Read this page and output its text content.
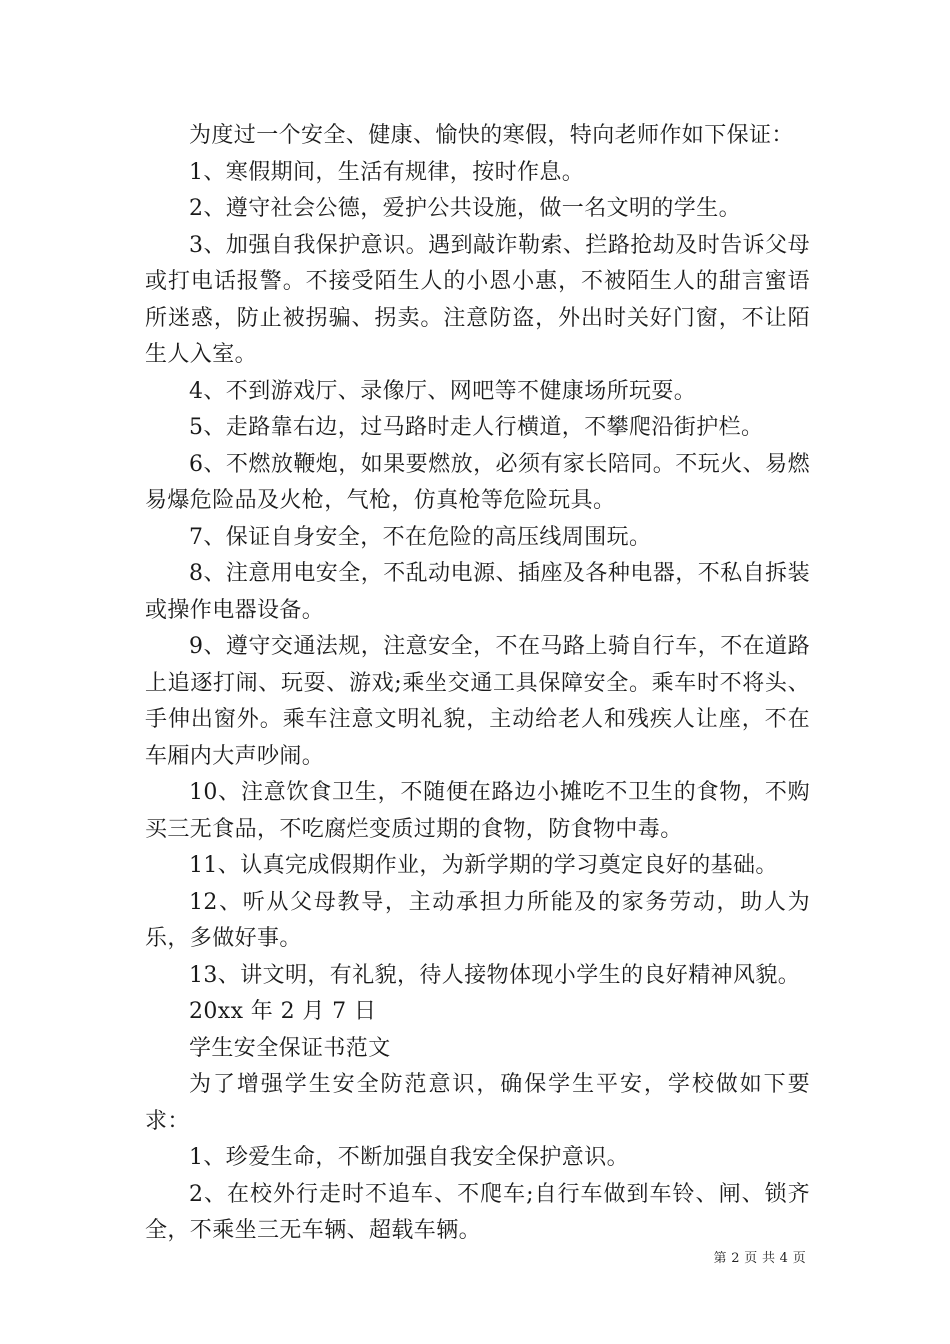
为度过一个安全、健康、愉快的寒假，特向老师作如下保证：

1、寒假期间，生活有规律，按时作息。

2、遵守社会公德，爱护公共设施，做一名文明的学生。

3、加强自我保护意识。遇到敲诈勒索、拦路抢劫及时告诉父母或打电话报警。不接受陌生人的小恩小惠，不被陌生人的甜言蜜语所迷惑，防止被拐骗、拐卖。注意防盗，外出时关好门窗，不让陌生人入室。

4、不到游戏厅、录像厅、网吧等不健康场所玩耍。

5、走路靠右边，过马路时走人行横道，不攀爬沿街护栏。

6、不燃放鞭炮，如果要燃放，必须有家长陪同。不玩火、易燃易爆危险品及火枪，气枪，仿真枪等危险玩具。

7、保证自身安全，不在危险的高压线周围玩。

8、注意用电安全，不乱动电源、插座及各种电器，不私自拆装或操作电器设备。

9、遵守交通法规，注意安全，不在马路上骑自行车，不在道路上追逐打闹、玩耍、游戏;乘坐交通工具保障安全。乘车时不将头、手伸出窗外。乘车注意文明礼貌，主动给老人和残疾人让座，不在车厢内大声吵闹。

10、注意饮食卫生，不随便在路边小摊吃不卫生的食物，不购买三无食品，不吃腐烂变质过期的食物，防食物中毒。

11、认真完成假期作业，为新学期的学习奠定良好的基础。

12、听从父母教导，主动承担力所能及的家务劳动，助人为乐，多做好事。

13、讲文明，有礼貌，待人接物体现小学生的良好精神风貌。

20xx 年 2 月 7 日

学生安全保证书范文

为了增强学生安全防范意识，确保学生平安，学校做如下要求：

1、珍爱生命，不断加强自我安全保护意识。

2、在校外行走时不追车、不爬车;自行车做到车铃、闸、锁齐全，不乘坐三无车辆、超载车辆。

第 2 页 共 4 页
